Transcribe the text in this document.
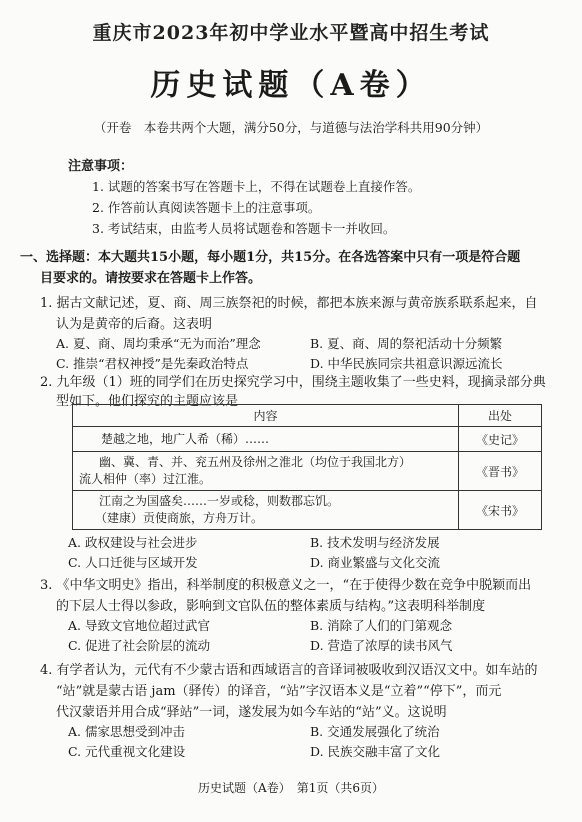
重庆市2023年初中学业水平暨高中招生考试
历史试题（A卷）
（开卷　本卷共两个大题，满分50分，与道德与法治学科共用90分钟）
注意事项：
1. 试题的答案书写在答题卡上，不得在试题卷上直接作答。
2. 作答前认真阅读答题卡上的注意事项。
3. 考试结束，由监考人员将试题卷和答题卡一并收回。
一、选择题：本大题共15小题，每小题1分，共15分。在各选答案中只有一项是符合题
目要求的。请按要求在答题卡上作答。
1. 据古文献记述，夏、商、周三族祭祀的时候，都把本族来源与黄帝族系联系起来，自
认为是黄帝的后裔。这表明
A. 夏、商、周均秉承“无为而治”理念	B. 夏、商、周的祭祀活动十分频繁
C. 推崇“君权神授”是先秦政治特点	D. 中华民族同宗共祖意识源远流长
2. 九年级（1）班的同学们在历史探究学习中，围绕主题收集了一些史料，现摘录部分典
型如下。他们探究的主题应该是
内容	出处
楚越之地，地广人希（稀）……	《史记》

幽、冀、青、并、兖五州及徐州之淮北（均位于我国北方）
流人相仲（率）过江淮。	《晋书》

江南之为国盛矣……一岁或稔，则数郡忘饥。
（建康）贡使商旅，方舟万计。	《宋书》
A. 政权建设与社会进步	B. 技术发明与经济发展
C. 人口迁徙与区域开发	D. 商业繁盛与文化交流
3. 《中华文明史》指出，科举制度的积极意义之一，“在于使得少数在竞争中脱颖而出
的下层人士得以参政，影响到文官队伍的整体素质与结构。”这表明科举制度
A. 导致文官地位超过武官	B. 消除了人们的门第观念
C. 促进了社会阶层的流动	D. 营造了浓厚的读书风气
4. 有学者认为，元代有不少蒙古语和西域语言的音译词被吸收到汉语汉文中。如车站的
“站”就是蒙古语 jam（驿传）的译音，“站”字汉语本义是“立着”“停下”，而元
代汉蒙语并用合成“驿站”一词，遂发展为如今车站的“站”义。这说明
A. 儒家思想受到冲击	B. 交通发展强化了统治
C. 元代重视文化建设	D. 民族交融丰富了文化
历史试题（A卷）　第1页（共6页）
